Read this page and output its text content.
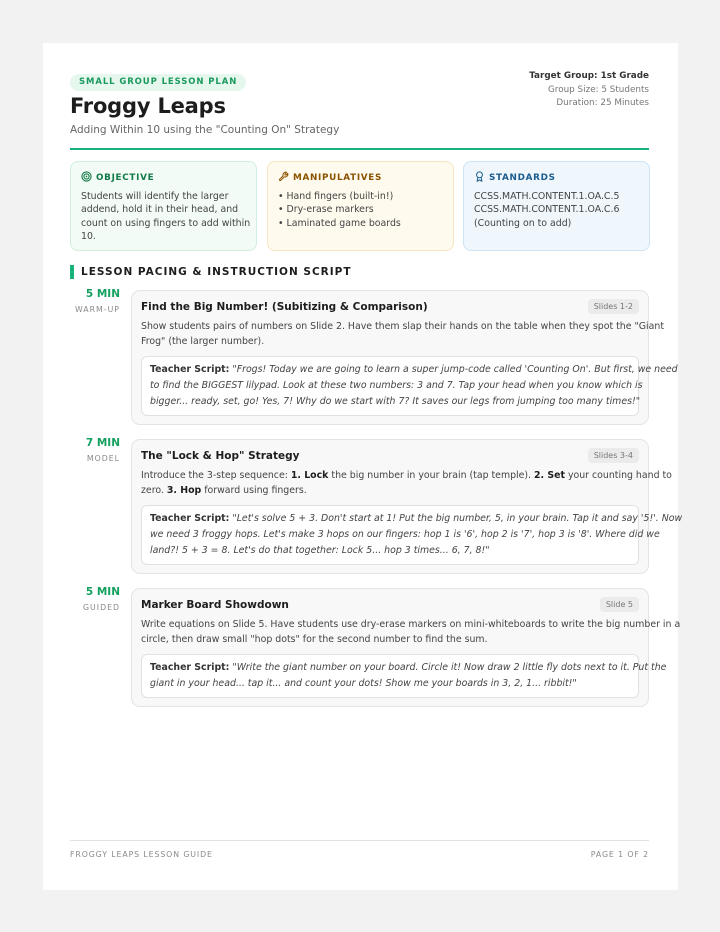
SMALL GROUP LESSON PLAN
Froggy Leaps
Adding Within 10 using the "Counting On" Strategy
Target Group: 1st Grade
Group Size: 5 Students
Duration: 25 Minutes
OBJECTIVE
Students will identify the larger
addend, hold it in their head, and
count on using fingers to add within
10.
MANIPULATIVES
• Hand fingers (built-in!)
• Dry-erase markers
• Laminated game boards
STANDARDS
CCSS.MATH.CONTENT.1.OA.C.5
CCSS.MATH.CONTENT.1.OA.C.6
(Counting on to add)
LESSON PACING & INSTRUCTION SCRIPT
5 MIN
WARM-UP Find the Big Number! (Subitizing & Comparison)	Slides 1-2
Show students pairs of numbers on Slide 2. Have them slap their hands on the table when they spot the "Giant
Frog" (the larger number).
Teacher Script: "Frogs! Today we are going to learn a super jump-code called 'Counting On'. But first, we need
to find the BIGGEST lilypad. Look at these two numbers: 3 and 7. Tap your head when you know which is
bigger... ready, set, go! Yes, 7! Why do we start with 7? It saves our legs from jumping too many times!"
7 MIN
MODEL The "Lock & Hop" Strategy	Slides 3-4
Introduce the 3-step sequence: 1. Lock the big number in your brain (tap temple). 2. Set your counting hand to
zero. 3. Hop forward using fingers.
Teacher Script: "Let's solve 5 + 3. Don't start at 1! Put the big number, 5, in your brain. Tap it and say '5!'. Now
we need 3 froggy hops. Let's make 3 hops on our fingers: hop 1 is '6', hop 2 is '7', hop 3 is '8'. Where did we
land?! 5 + 3 = 8. Let's do that together: Lock 5... hop 3 times... 6, 7, 8!"
5 MIN
GUIDED Marker Board Showdown	Slide 5
Write equations on Slide 5. Have students use dry-erase markers on mini-whiteboards to write the big number in a
circle, then draw small "hop dots" for the second number to find the sum.
Teacher Script: "Write the giant number on your board. Circle it! Now draw 2 little fly dots next to it. Put the
giant in your head... tap it... and count your dots! Show me your boards in 3, 2, 1... ribbit!"
FROGGY LEAPS LESSON GUIDE	PAGE 1 OF 2
